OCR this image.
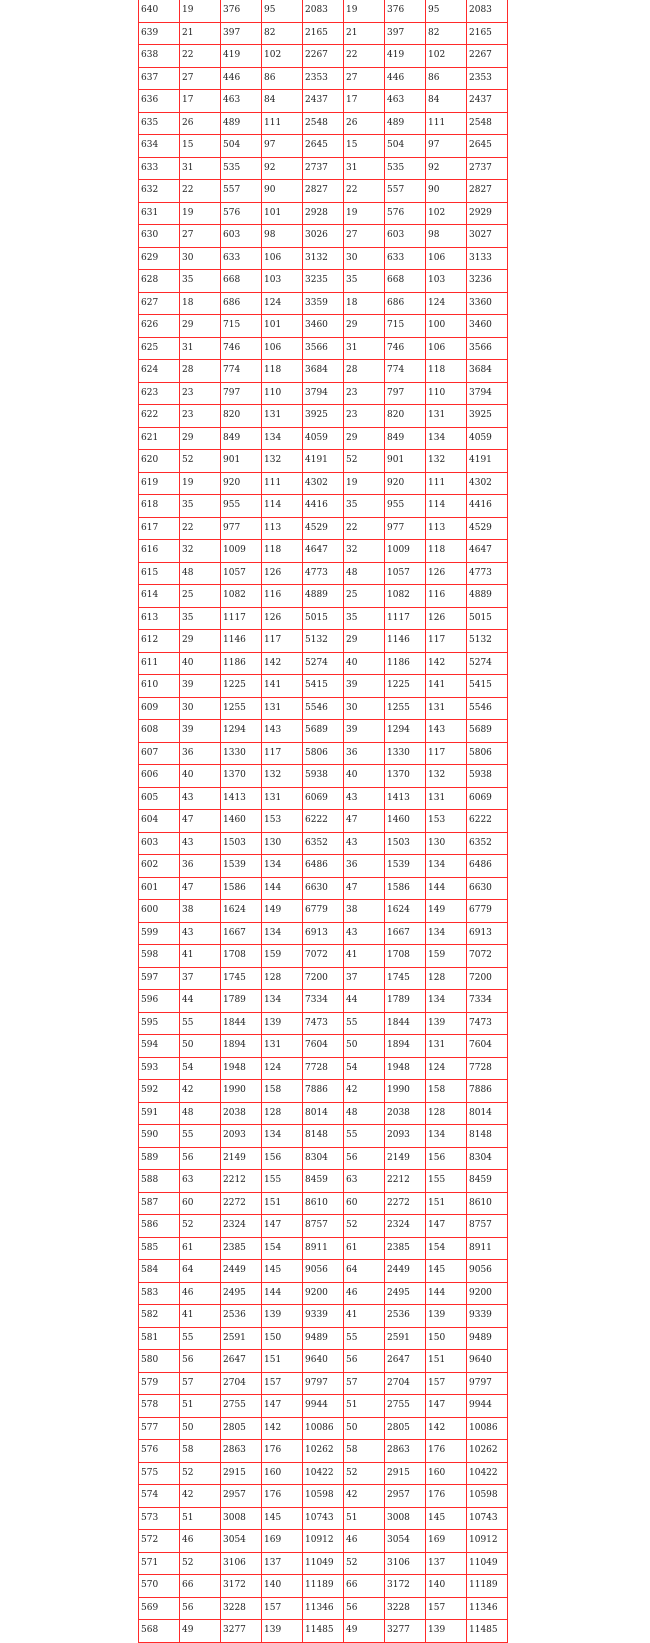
640	19	376	95	2083	19	376	95	2083
639	21	397	82	2165	21	397	82	2165
638	22	419	102	2267	22	419	102	2267
637	27	446	86	2353	27	446	86	2353
636	17	463	84	2437	17	463	84	2437
635	26	489	111	2548	26	489	111	2548
634	15	504	97	2645	15	504	97	2645
633	31	535	92	2737	31	535	92	2737
632	22	557	90	2827	22	557	90	2827
631	19	576	101	2928	19	576	102	2929
630	27	603	98	3026	27	603	98	3027
629	30	633	106	3132	30	633	106	3133
628	35	668	103	3235	35	668	103	3236
627	18	686	124	3359	18	686	124	3360
626	29	715	101	3460	29	715	100	3460
625	31	746	106	3566	31	746	106	3566
624	28	774	118	3684	28	774	118	3684
623	23	797	110	3794	23	797	110	3794
622	23	820	131	3925	23	820	131	3925
621	29	849	134	4059	29	849	134	4059
620	52	901	132	4191	52	901	132	4191
619	19	920	111	4302	19	920	111	4302
618	35	955	114	4416	35	955	114	4416
617	22	977	113	4529	22	977	113	4529
616	32	1009	118	4647	32	1009	118	4647
615	48	1057	126	4773	48	1057	126	4773
614	25	1082	116	4889	25	1082	116	4889
613	35	1117	126	5015	35	1117	126	5015
612	29	1146	117	5132	29	1146	117	5132
611	40	1186	142	5274	40	1186	142	5274
610	39	1225	141	5415	39	1225	141	5415
609	30	1255	131	5546	30	1255	131	5546
608	39	1294	143	5689	39	1294	143	5689
607	36	1330	117	5806	36	1330	117	5806
606	40	1370	132	5938	40	1370	132	5938
605	43	1413	131	6069	43	1413	131	6069
604	47	1460	153	6222	47	1460	153	6222
603	43	1503	130	6352	43	1503	130	6352
602	36	1539	134	6486	36	1539	134	6486
601	47	1586	144	6630	47	1586	144	6630
600	38	1624	149	6779	38	1624	149	6779
599	43	1667	134	6913	43	1667	134	6913
598	41	1708	159	7072	41	1708	159	7072
597	37	1745	128	7200	37	1745	128	7200
596	44	1789	134	7334	44	1789	134	7334
595	55	1844	139	7473	55	1844	139	7473
594	50	1894	131	7604	50	1894	131	7604
593	54	1948	124	7728	54	1948	124	7728
592	42	1990	158	7886	42	1990	158	7886
591	48	2038	128	8014	48	2038	128	8014
590	55	2093	134	8148	55	2093	134	8148
589	56	2149	156	8304	56	2149	156	8304
588	63	2212	155	8459	63	2212	155	8459
587	60	2272	151	8610	60	2272	151	8610
586	52	2324	147	8757	52	2324	147	8757
585	61	2385	154	8911	61	2385	154	8911
584	64	2449	145	9056	64	2449	145	9056
583	46	2495	144	9200	46	2495	144	9200
582	41	2536	139	9339	41	2536	139	9339
581	55	2591	150	9489	55	2591	150	9489
580	56	2647	151	9640	56	2647	151	9640
579	57	2704	157	9797	57	2704	157	9797
578	51	2755	147	9944	51	2755	147	9944
577	50	2805	142	10086	50	2805	142	10086
576	58	2863	176	10262	58	2863	176	10262
575	52	2915	160	10422	52	2915	160	10422
574	42	2957	176	10598	42	2957	176	10598
573	51	3008	145	10743	51	3008	145	10743
572	46	3054	169	10912	46	3054	169	10912
571	52	3106	137	11049	52	3106	137	11049
570	66	3172	140	11189	66	3172	140	11189
569	56	3228	157	11346	56	3228	157	11346
568	49	3277	139	11485	49	3277	139	11485
